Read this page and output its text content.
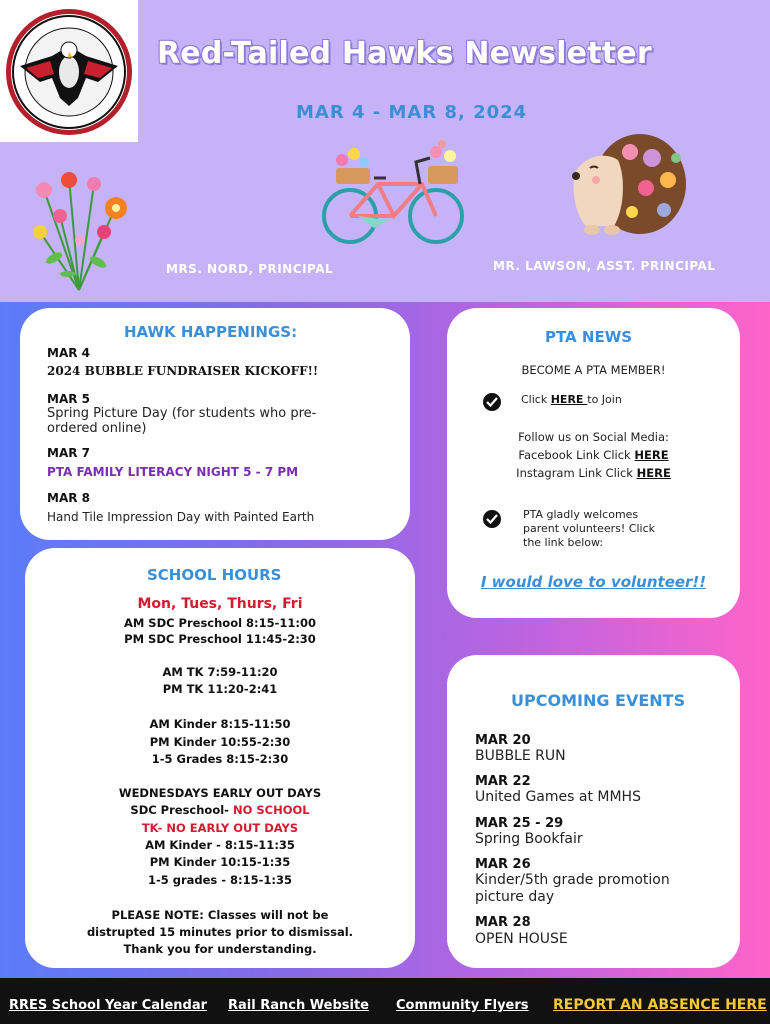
Red-Tailed Hawks Newsletter
MAR 4 - MAR 8, 2024
MRS. NORD, PRINCIPAL	MR. LAWSON, ASST. PRINCIPAL
HAWK HAPPENINGS:
MAR 4
2024 BUBBLE FUNDRAISER KICKOFF!!
MAR 5
Spring Picture Day (for students who pre-
ordered online)
MAR 7
PTA FAMILY LITERACY NIGHT 5 - 7 PM
MAR 8
Hand Tile Impression Day with Painted Earth
PTA NEWS
BECOME A PTA MEMBER!
Click HERE to Join
Follow us on Social Media:
Facebook Link Click HERE
Instagram Link Click HERE
PTA gladly welcomes
parent volunteers! Click
the link below:
I would love to volunteer!!
SCHOOL HOURS
Mon, Tues, Thurs, Fri
AM SDC Preschool 8:15-11:00
PM SDC Preschool 11:45-2:30
AM TK 7:59-11:20
PM TK 11:20-2:41
AM Kinder 8:15-11:50
PM Kinder 10:55-2:30
1-5 Grades 8:15-2:30
WEDNESDAYS EARLY OUT DAYS
SDC Preschool- NO SCHOOL
TK- NO EARLY OUT DAYS
AM Kinder - 8:15-11:35
PM Kinder 10:15-1:35
1-5 grades - 8:15-1:35
PLEASE NOTE: Classes will not be
distrupted 15 minutes prior to dismissal.
Thank you for understanding.
UPCOMING EVENTS
MAR 20
BUBBLE RUN
MAR 22
United Games at MMHS
MAR 25 - 29
Spring Bookfair
MAR 26
Kinder/5th grade promotion
picture day
MAR 28
OPEN HOUSE
RRES School Year Calendar Rail Ranch Website Community Flyers REPORT AN ABSENCE HERE
